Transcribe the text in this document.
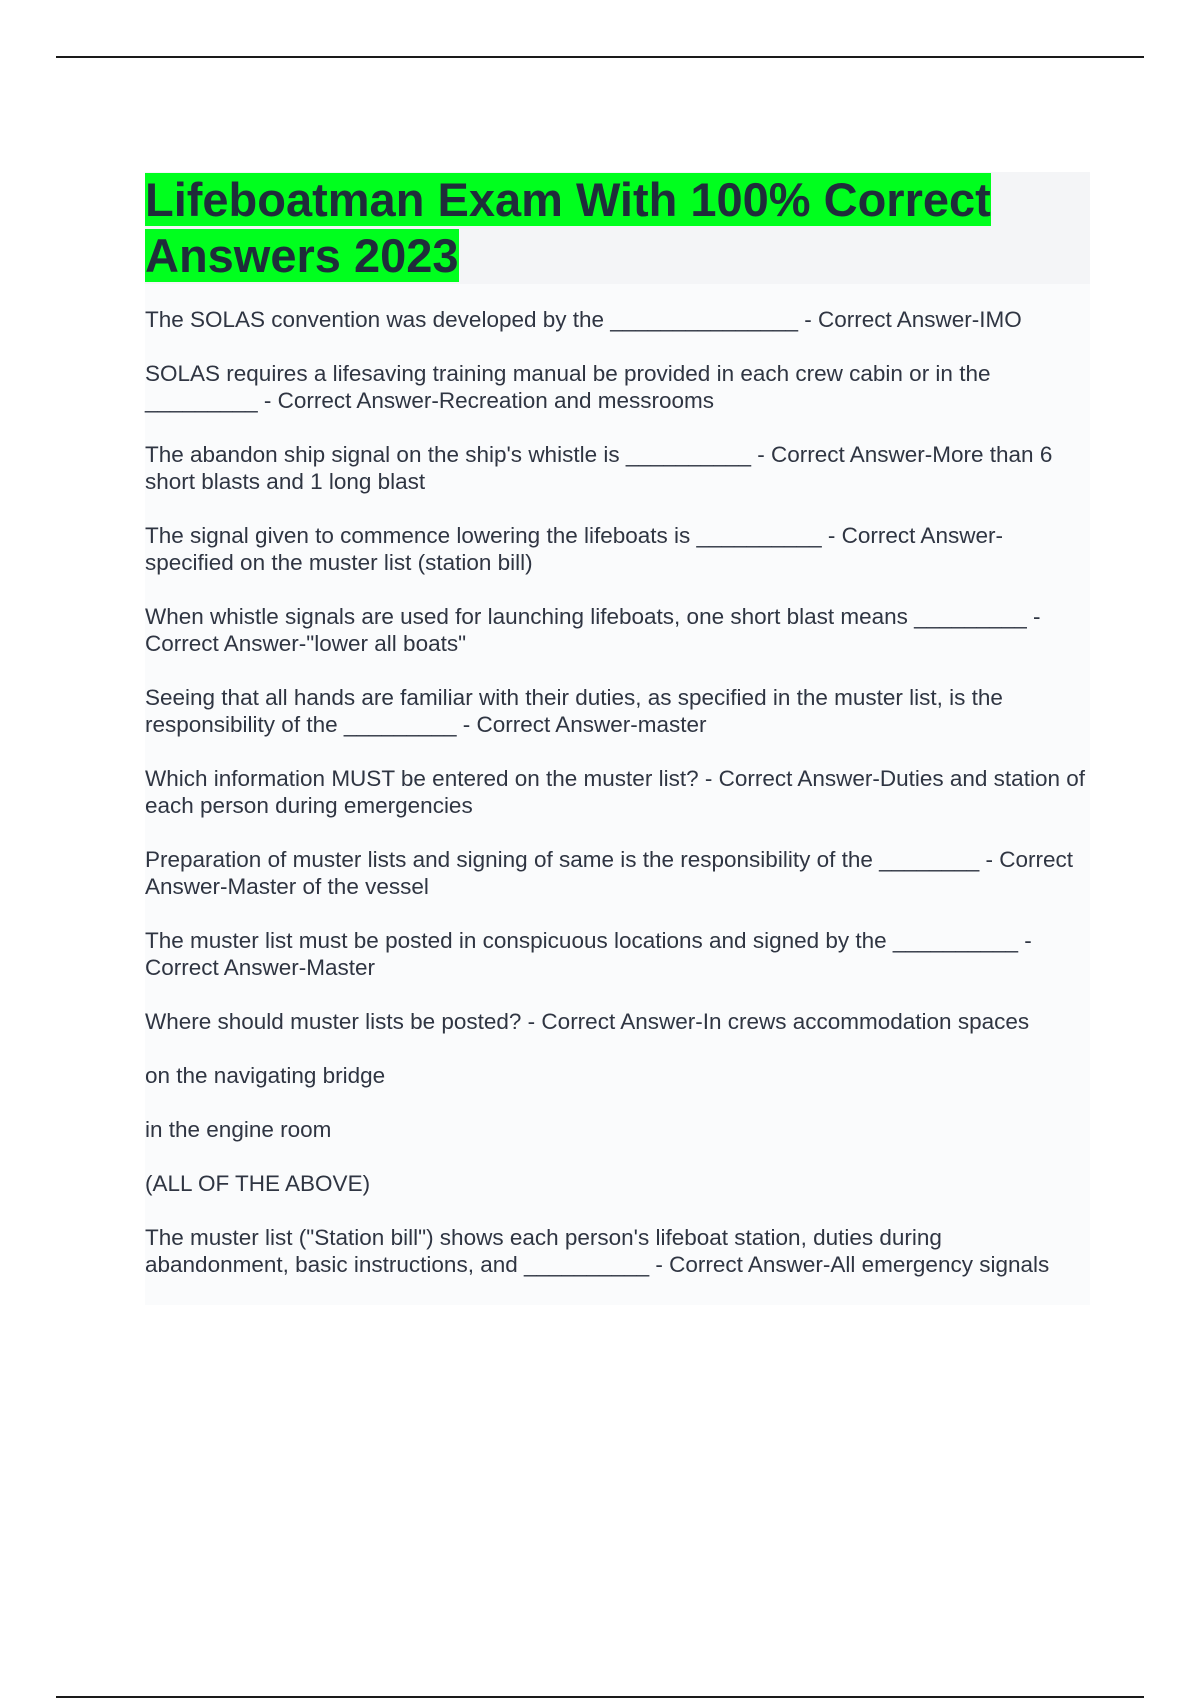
Lifeboatman Exam With 100% Correct Answers 2023

The SOLAS convention was developed by the _______________ - Correct Answer-IMO

SOLAS requires a lifesaving training manual be provided in each crew cabin or in the _________ - Correct Answer-Recreation and messrooms

The abandon ship signal on the ship's whistle is __________ - Correct Answer-More than 6 short blasts and 1 long blast

The signal given to commence lowering the lifeboats is __________ - Correct Answer-specified on the muster list (station bill)

When whistle signals are used for launching lifeboats, one short blast means _________ - Correct Answer-"lower all boats"

Seeing that all hands are familiar with their duties, as specified in the muster list, is the responsibility of the _________ - Correct Answer-master

Which information MUST be entered on the muster list? - Correct Answer-Duties and station of each person during emergencies

Preparation of muster lists and signing of same is the responsibility of the ________ - Correct Answer-Master of the vessel

The muster list must be posted in conspicuous locations and signed by the __________ - Correct Answer-Master

Where should muster lists be posted? - Correct Answer-In crews accommodation spaces

on the navigating bridge

in the engine room

(ALL OF THE ABOVE)

The muster list ("Station bill") shows each person's lifeboat station, duties during abandonment, basic instructions, and __________ - Correct Answer-All emergency signals
